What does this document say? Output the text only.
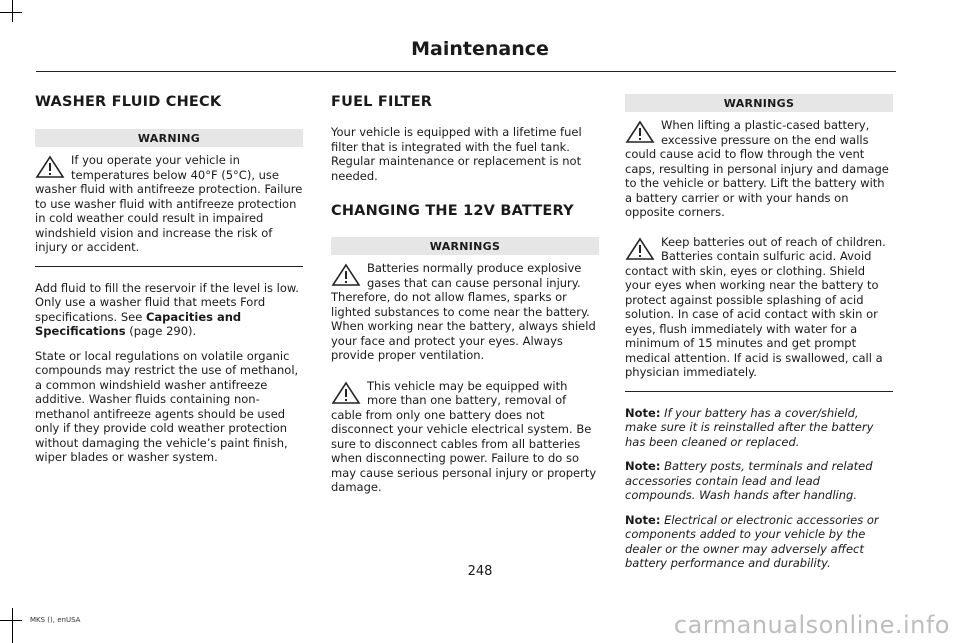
Maintenance
WASHER FLUID CHECK
WARNING
If you operate your vehicle in temperatures below 40°F (5°C), use washer fluid with antifreeze protection. Failure to use washer fluid with antifreeze protection in cold weather could result in impaired windshield vision and increase the risk of injury or accident.

Add fluid to fill the reservoir if the level is low. Only use a washer fluid that meets Ford specifications. See Capacities and Specifications (page 290).

State or local regulations on volatile organic compounds may restrict the use of methanol, a common windshield washer antifreeze additive. Washer fluids containing non-methanol antifreeze agents should be used only if they provide cold weather protection without damaging the vehicle’s paint finish, wiper blades or washer system.

FUEL FILTER

Your vehicle is equipped with a lifetime fuel filter that is integrated with the fuel tank. Regular maintenance or replacement is not needed.

CHANGING THE 12V BATTERY
WARNINGS
Batteries normally produce explosive gases that can cause personal injury. Therefore, do not allow flames, sparks or lighted substances to come near the battery. When working near the battery, always shield your face and protect your eyes. Always provide proper ventilation.
This vehicle may be equipped with more than one battery, removal of cable from only one battery does not disconnect your vehicle electrical system. Be sure to disconnect cables from all batteries when disconnecting power. Failure to do so may cause serious personal injury or property damage.
WARNINGS
When lifting a plastic-cased battery, excessive pressure on the end walls could cause acid to flow through the vent caps, resulting in personal injury and damage to the vehicle or battery. Lift the battery with a battery carrier or with your hands on opposite corners.
Keep batteries out of reach of children. Batteries contain sulfuric acid. Avoid contact with skin, eyes or clothing. Shield your eyes when working near the battery to protect against possible splashing of acid solution. In case of acid contact with skin or eyes, flush immediately with water for a minimum of 15 minutes and get prompt medical attention. If acid is swallowed, call a physician immediately.

Note: If your battery has a cover/shield, make sure it is reinstalled after the battery has been cleaned or replaced.

Note: Battery posts, terminals and related accessories contain lead and lead compounds. Wash hands after handling.

Note: Electrical or electronic accessories or components added to your vehicle by the dealer or the owner may adversely affect battery performance and durability.

248
MKS (), enUSA	carmanualsonline.info
